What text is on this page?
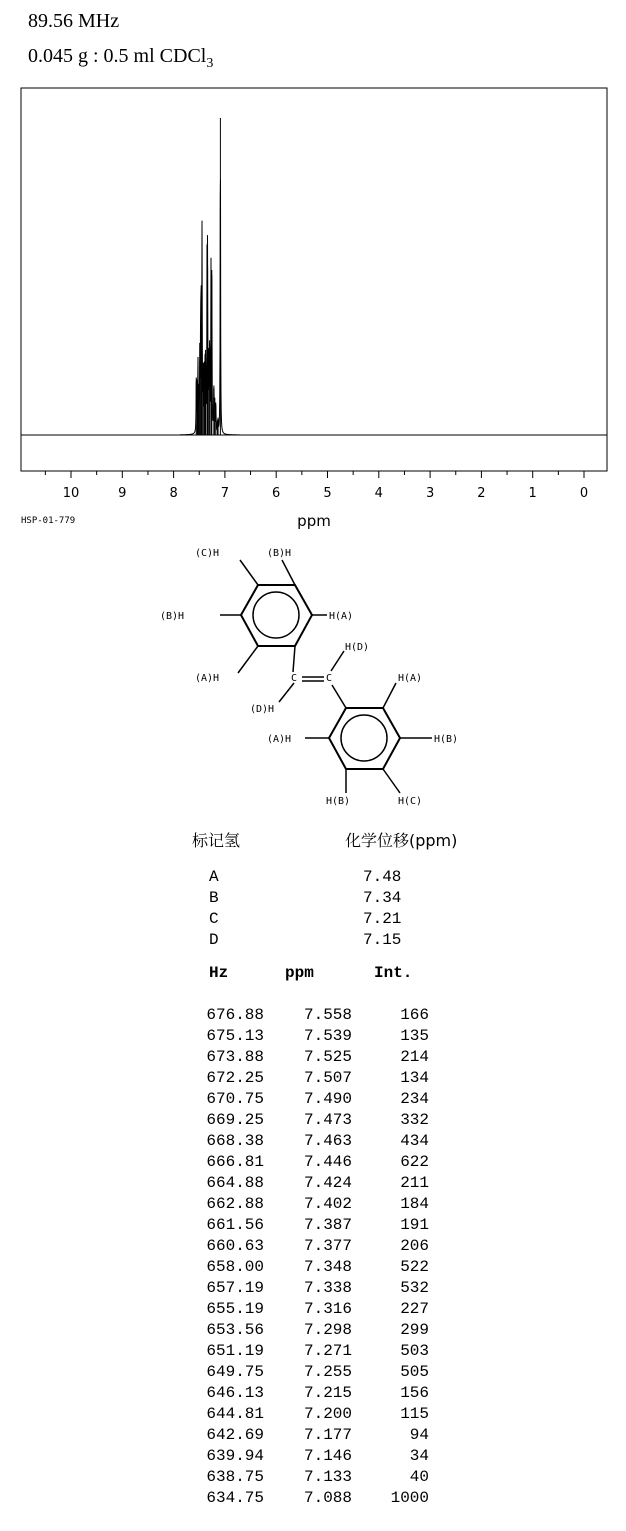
89.56 MHz
0.045 g : 0.5 ml CDCl$_3$
10	9	8	7	6	5	4	3	2	1	0
ppm
HSP-01-779
(C)H	(B)H
(B)H	H(A)
(A)H
H(D)
C	C
(D)H
H(A)
(A)H	H(B)
H(B)	H(C)
标记氢	化学位移(ppm)
A	7.48
B	7.34
C	7.21
D	7.15
Hz	ppm	Int.
676.88 7.558	166
675.13 7.539	135
673.88 7.525	214
672.25 7.507	134
670.75 7.490	234
669.25 7.473	332
668.38 7.463	434
666.81 7.446	622
664.88 7.424	211
662.88 7.402	184
661.56 7.387	191
660.63 7.377	206
658.00 7.348	522
657.19 7.338	532
655.19 7.316	227
653.56 7.298	299
651.19 7.271	503
649.75 7.255	505
646.13 7.215	156
644.81 7.200	115
642.69 7.177	94
639.94 7.146	34
638.75 7.133	40
634.75 7.088 1000
